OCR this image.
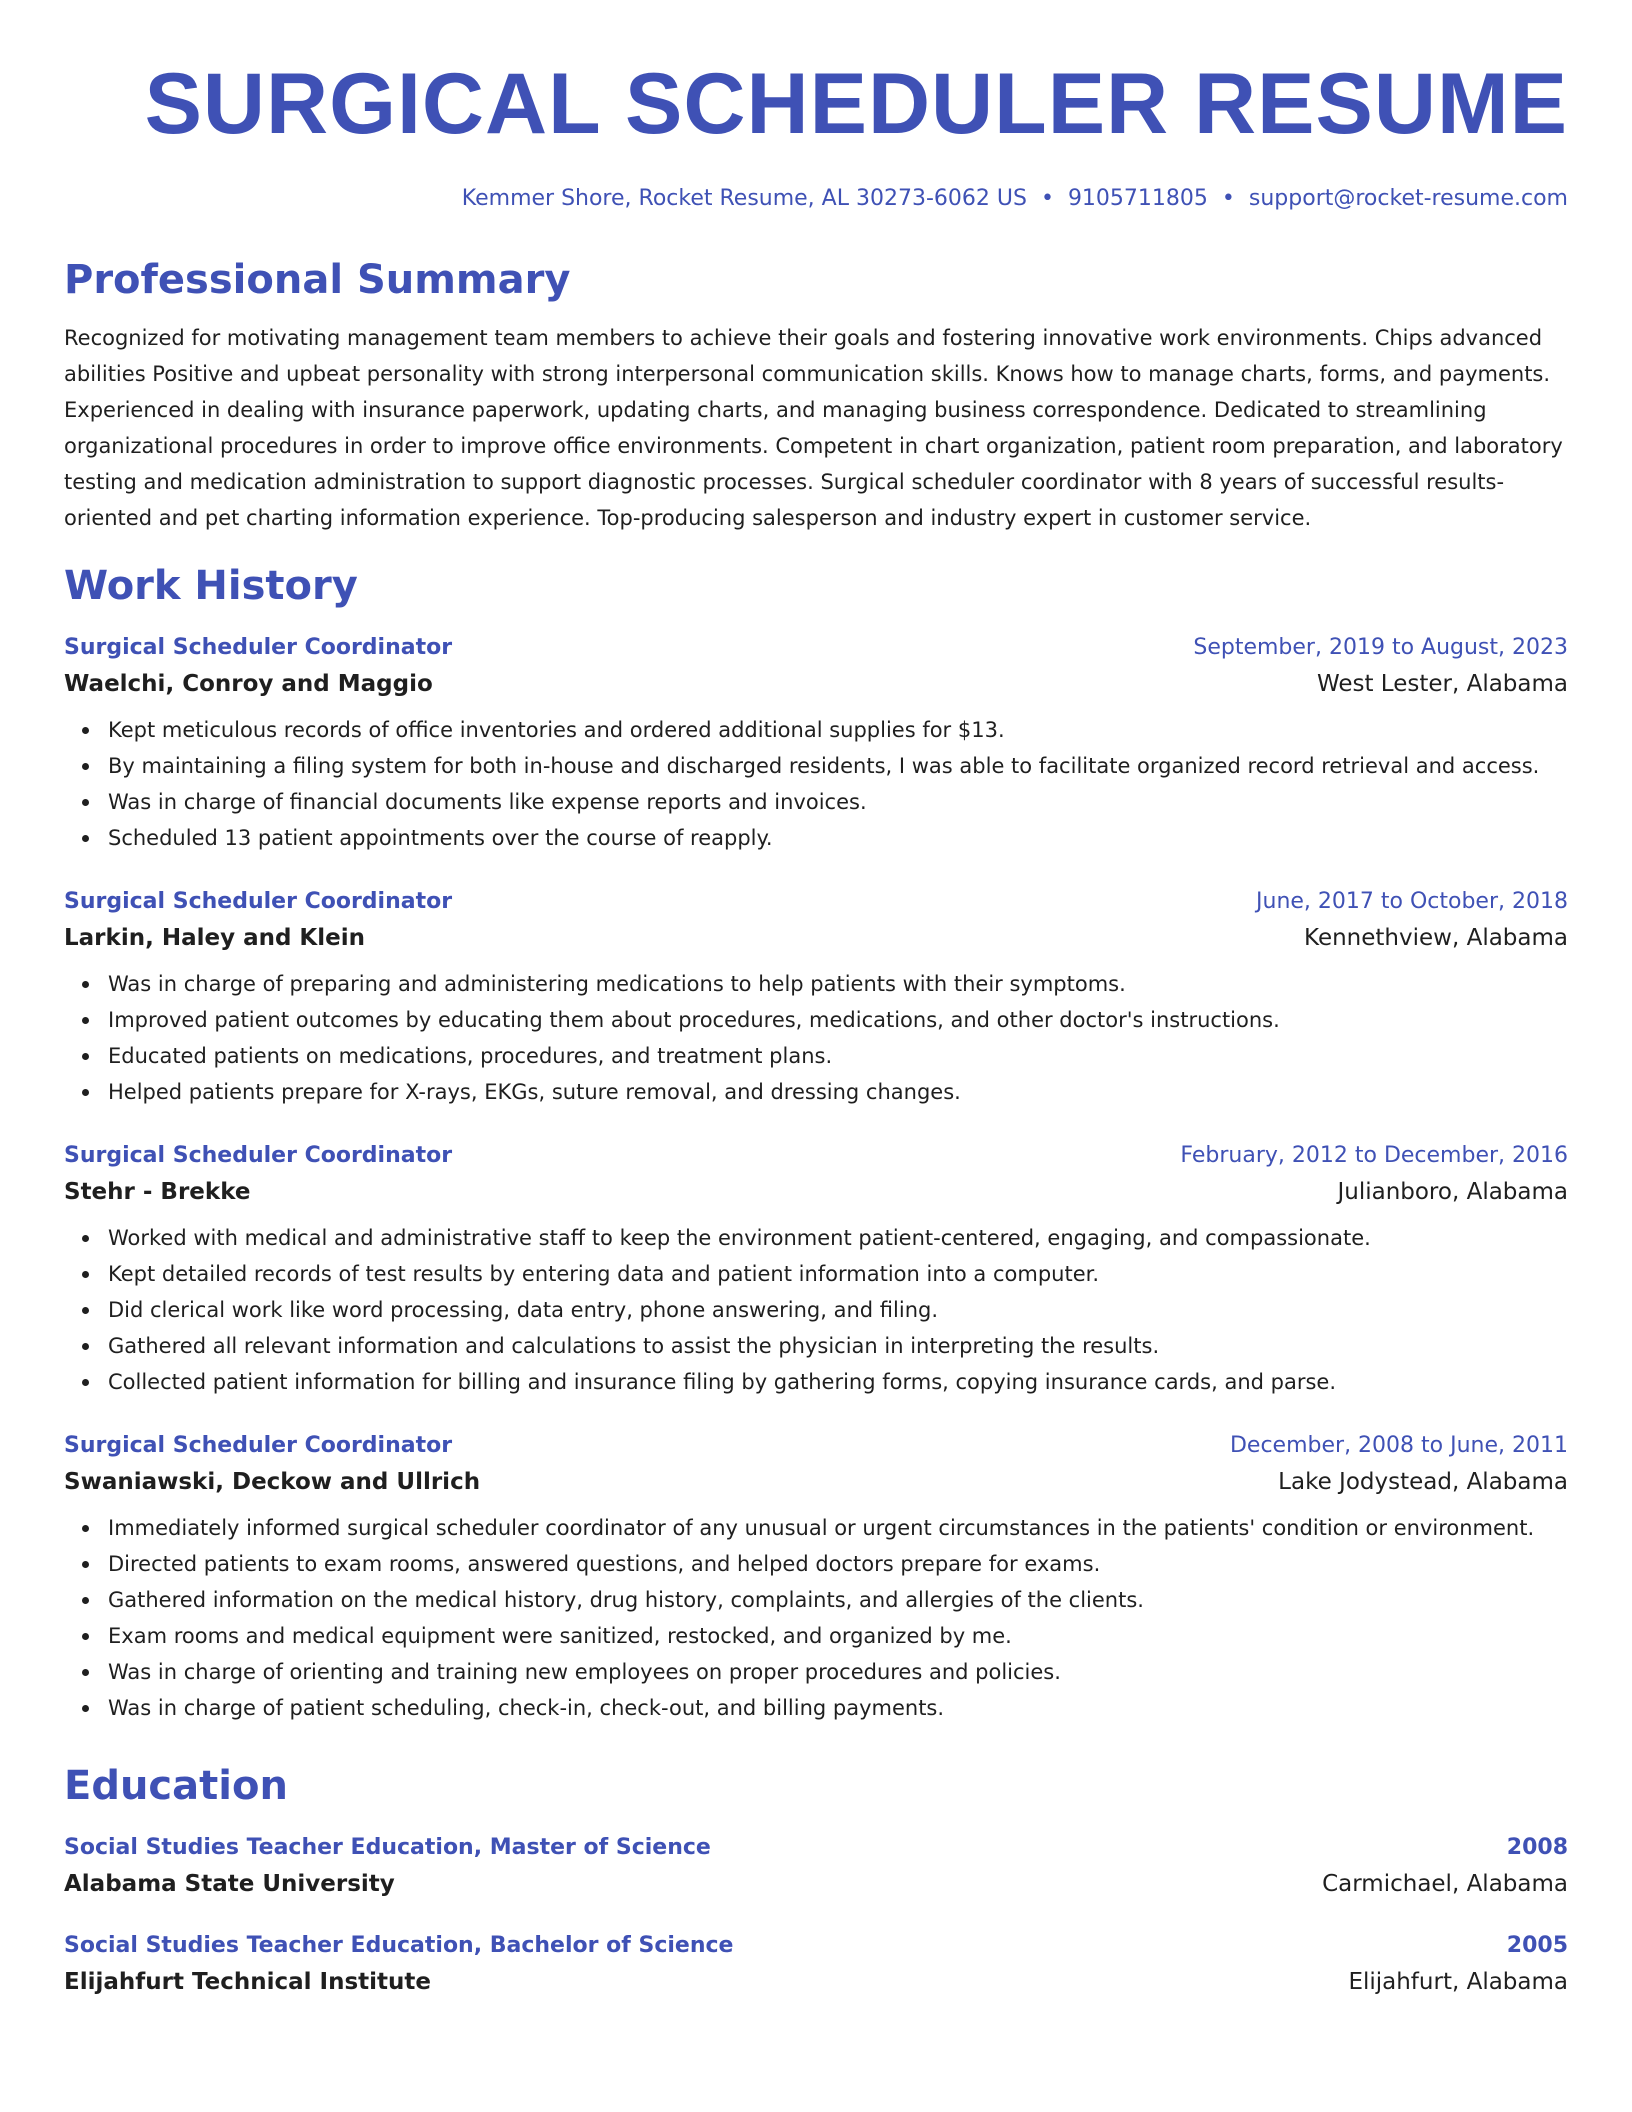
SURGICAL SCHEDULER RESUME
Kemmer Shore, Rocket Resume, AL 30273-6062 US • 9105711805 • support@rocket-resume.com
Professional Summary
Recognized for motivating management team members to achieve their goals and fostering innovative work environments. Chips advanced abilities Positive and upbeat personality with strong interpersonal communication skills. Knows how to manage charts, forms, and payments. Experienced in dealing with insurance paperwork, updating charts, and managing business correspondence. Dedicated to streamlining organizational procedures in order to improve office environments. Competent in chart organization, patient room preparation, and laboratory testing and medication administration to support diagnostic processes. Surgical scheduler coordinator with 8 years of successful results-oriented and pet charting information experience. Top-producing salesperson and industry expert in customer service.
Work History
Surgical Scheduler Coordinator	September, 2019 to August, 2023
Waelchi, Conroy and Maggio	West Lester, Alabama
Kept meticulous records of office inventories and ordered additional supplies for $13.
By maintaining a filing system for both in-house and discharged residents, I was able to facilitate organized record retrieval and access.
Was in charge of financial documents like expense reports and invoices.
Scheduled 13 patient appointments over the course of reapply.
Surgical Scheduler Coordinator	June, 2017 to October, 2018
Larkin, Haley and Klein	Kennethview, Alabama
Was in charge of preparing and administering medications to help patients with their symptoms.
Improved patient outcomes by educating them about procedures, medications, and other doctor's instructions.
Educated patients on medications, procedures, and treatment plans.
Helped patients prepare for X-rays, EKGs, suture removal, and dressing changes.
Surgical Scheduler Coordinator	February, 2012 to December, 2016
Stehr - Brekke	Julianboro, Alabama
Worked with medical and administrative staff to keep the environment patient-centered, engaging, and compassionate.
Kept detailed records of test results by entering data and patient information into a computer.
Did clerical work like word processing, data entry, phone answering, and filing.
Gathered all relevant information and calculations to assist the physician in interpreting the results.
Collected patient information for billing and insurance filing by gathering forms, copying insurance cards, and parse.
Surgical Scheduler Coordinator	December, 2008 to June, 2011
Swaniawski, Deckow and Ullrich	Lake Jodystead, Alabama
Immediately informed surgical scheduler coordinator of any unusual or urgent circumstances in the patients' condition or environment.
Directed patients to exam rooms, answered questions, and helped doctors prepare for exams.
Gathered information on the medical history, drug history, complaints, and allergies of the clients.
Exam rooms and medical equipment were sanitized, restocked, and organized by me.
Was in charge of orienting and training new employees on proper procedures and policies.
Was in charge of patient scheduling, check-in, check-out, and billing payments.
Education
Social Studies Teacher Education, Master of Science	2008
Alabama State University	Carmichael, Alabama
Social Studies Teacher Education, Bachelor of Science	2005
Elijahfurt Technical Institute	Elijahfurt, Alabama
